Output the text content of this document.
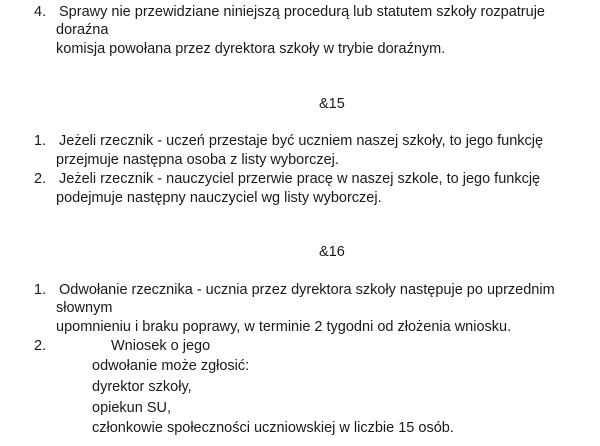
4. Sprawy nie przewidziane niniejszą procedurą lub statutem szkoły rozpatruje
doraźna
komisja powołana przez dyrektora szkoły w trybie doraźnym.
&15
1. Jeżeli rzecznik - uczeń przestaje być uczniem naszej szkoły, to jego funkcję
przejmuje następna osoba z listy wyborczej.
2. Jeżeli rzecznik - nauczyciel przerwie pracę w naszej szkole, to jego funkcję
podejmuje następny nauczyciel wg listy wyborczej.
&16
1. Odwołanie rzecznika - ucznia przez dyrektora szkoły następuje po uprzednim
słownym
upomnieniu i braku poprawy, w terminie 2 tygodni od złożenia wniosku.
2.	Wniosek o jego
odwołanie może zgłosić:
dyrektor szkoły,
opiekun SU,
członkowie społeczności uczniowskiej w liczbie 15 osób.
